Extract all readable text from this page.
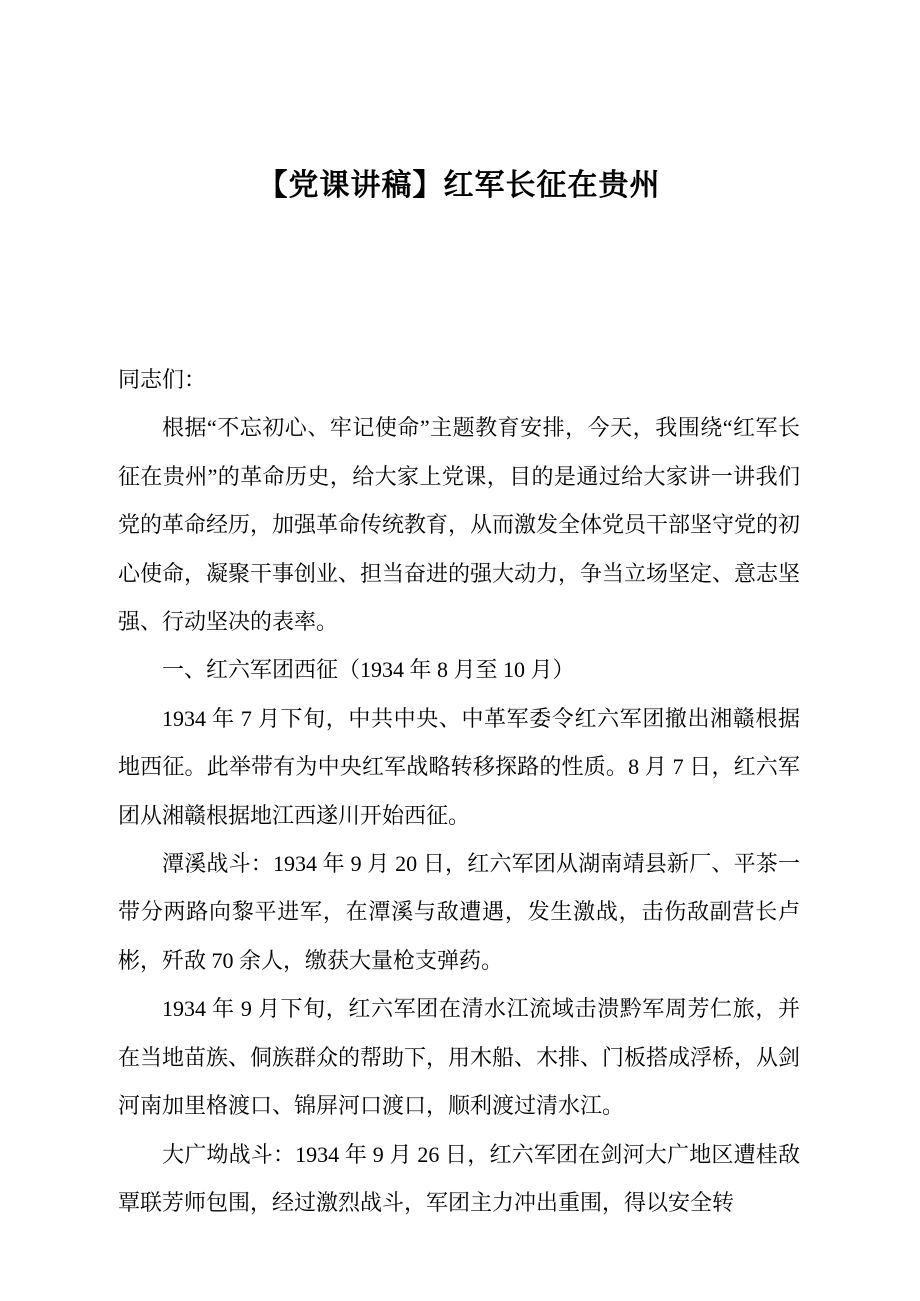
【党课讲稿】红军长征在贵州

同志们：

根据“不忘初心、牢记使命”主题教育安排，今天，我围绕“红军长征在贵州”的革命历史，给大家上党课，目的是通过给大家讲一讲我们党的革命经历，加强革命传统教育，从而激发全体党员干部坚守党的初心使命，凝聚干事创业、担当奋进的强大动力，争当立场坚定、意志坚强、行动坚决的表率。

一、红六军团西征（1934 年 8 月至 10 月）

1934 年 7 月下旬，中共中央、中革军委令红六军团撤出湘赣根据地西征。此举带有为中央红军战略转移探路的性质。8 月 7 日，红六军团从湘赣根据地江西遂川开始西征。

潭溪战斗：1934 年 9 月 20 日，红六军团从湖南靖县新厂、平茶一带分两路向黎平进军，在潭溪与敌遭遇，发生激战，击伤敌副营长卢彬，歼敌 70 余人，缴获大量枪支弹药。

1934 年 9 月下旬，红六军团在清水江流域击溃黔军周芳仁旅，并在当地苗族、侗族群众的帮助下，用木船、木排、门板搭成浮桥，从剑河南加里格渡口、锦屏河口渡口，顺利渡过清水江。

大广坳战斗：1934 年 9 月 26 日，红六军团在剑河大广地区遭桂敌覃联芳师包围，经过激烈战斗，军团主力冲出重围，得以安全转
